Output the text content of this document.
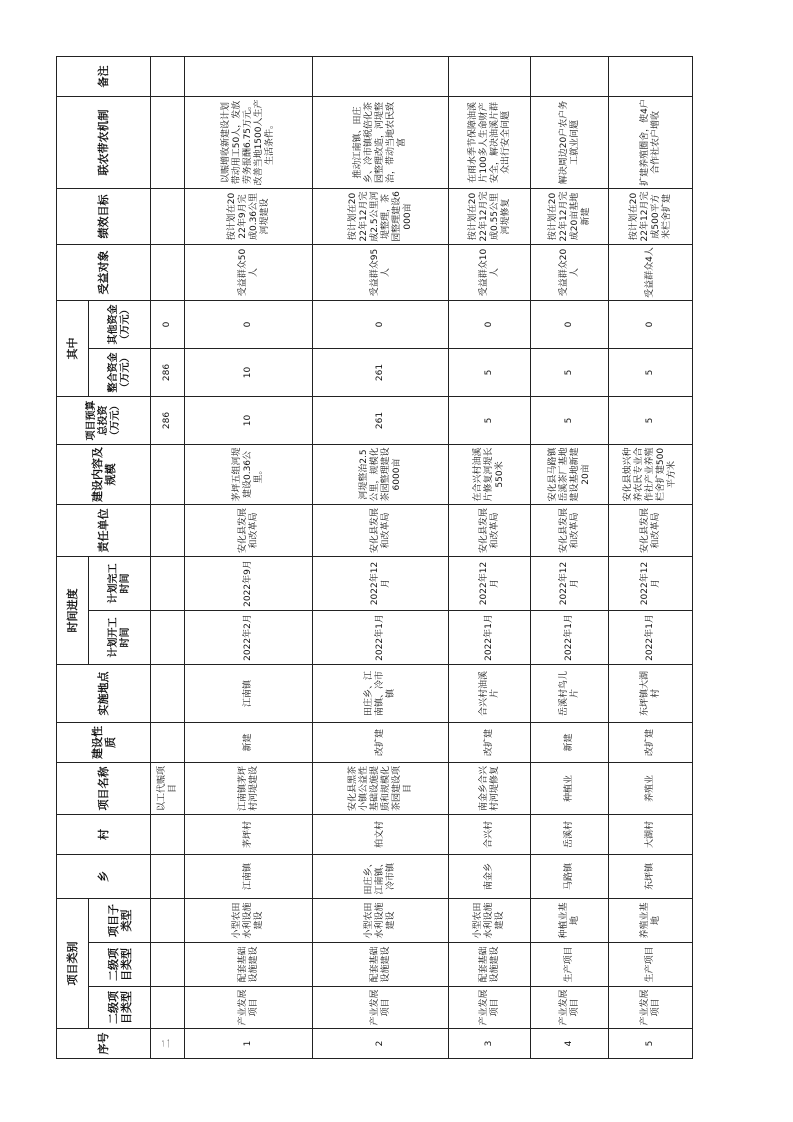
序号	项目类别			乡	村	项目名称	建设性质	实施地点	时间进度		责任单位	建设内容及规模	项目预算总投资（万元）	其中		受益对象	绩效目标	联农带农机制	备注
	二级项目类型	二级项目类型	项目子类型						计划开工时间	计划完工时间				整合资金（万元）	其他资金（万元）				
二						以工代赈项目							286	286	0				
1	产业发展项目	配套基础设施建设	小型农田水利设施建设	江南镇	茅坪村	江南镇茅坪村河堤建设	新建	江南镇	2022年2月	2022年9月	安化县发展和改革局	茅坪五组河堤建设0.36公里。	10	10	0	受益群众50人	按计划在2022年9月完成0.36公里河堤建设	以赈增收新建设计划带动用工50人，发放劳务报酬6.75万元。改善当地1500人生产生活条件。	
2	产业发展项目	配套基础设施建设	小型农田水利设施建设	田庄乡、江南镇、冷市镇	柏文村	安化县黑茶小镇公益性基础设施提质和规模化茶园建设项目	改扩建	田庄乡、江南镇、冷市镇	2022年1月	2022年12月	安化县发展和改革局	河堤整治2.5公里，规模化茶园整理建设6000亩	261	261	0	受益群众95人	按计划在2022年12月完成2.5公里河堤整理，茶园整理建设6000亩	推动江南镇、田庄乡、冷市镇税倍化茶园整理改造，河堤整治，带动当地农民致富	
3	产业发展项目	配套基础设施建设	小型农田水利设施建设	南金乡	合兴村	南金乡合兴村河堤修复	改扩建	合兴村油溪片	2022年1月	2022年12月	安化县发展和改革局	在合兴村油溪片修复河堤长550米	5	5	0	受益群众10人	按计划在2022年12月完成0.55公里河堤修复	在雨水季节保障油溪片100多人生命财产安全，解决油溪片群众出行安全问题	
4	产业发展项目	生产项目	种植业基地	马路镇	岳溪村	种植业	新建	岳溪村鸟儿片	2022年1月	2022年12月	安化县发展和改革局	安化县马路镇岳溪茶厂基地建设基地新建20亩	5	5	0	受益群众20人	按计划在2022年12月完成20亩基地新建	解决周边20户农户务工就业问题	
5	产业发展项目	生产项目	养殖业基地	东坪镇	大湖村	养殖业	改扩建	东坪镇大湖村	2022年1月	2022年12月	安化县发展和改革局	安化县烛兴种养农民专业合作社产业养殖栏舍扩建500平方米	5	5	0	受益群众4人	按计划在2022年12月完成500平方米栏舍扩建	扩建养殖圈舍，使4户合作社农户增收	
